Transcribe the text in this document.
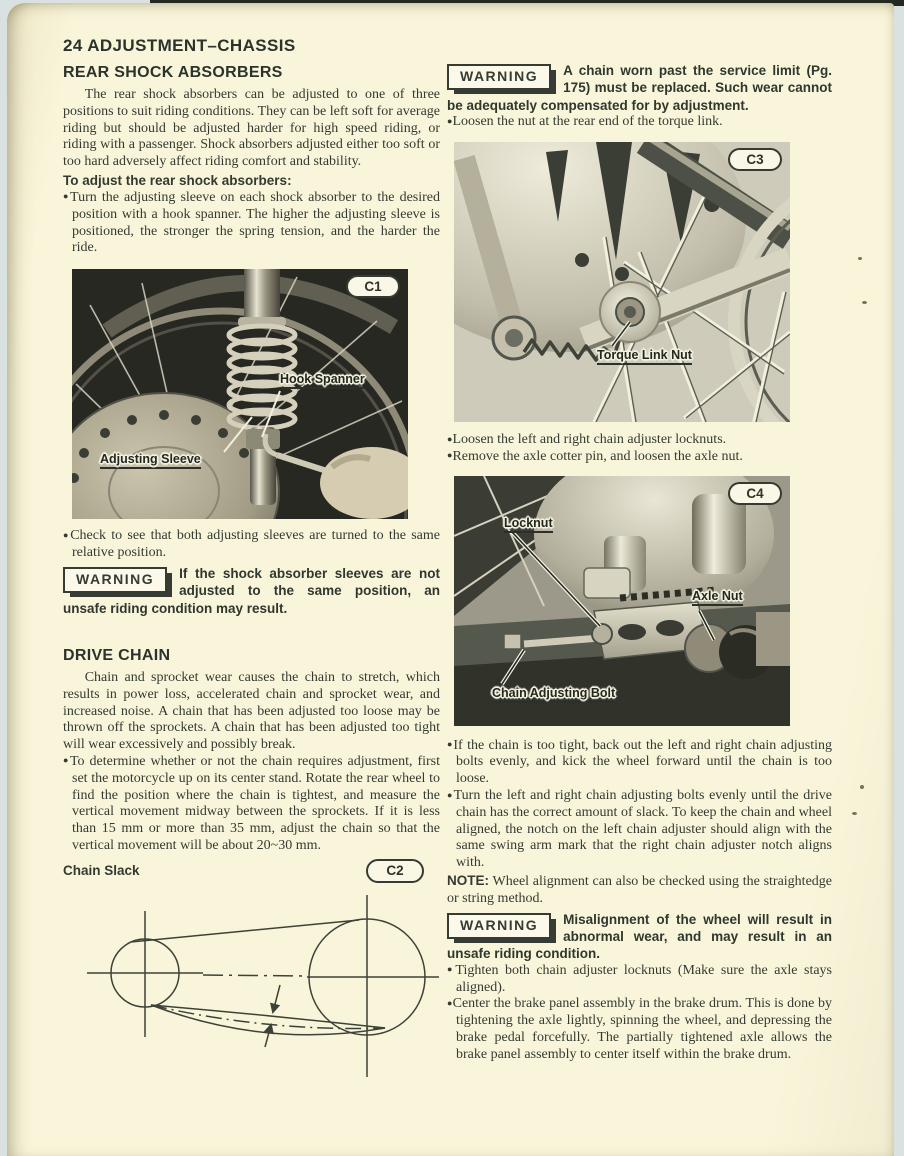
24 ADJUSTMENT–CHASSIS
REAR SHOCK ABSORBERS

The rear shock absorbers can be adjusted to one of three positions to suit riding conditions. They can be left soft for average riding but should be adjusted harder for high speed riding, or riding with a passenger. Shock absorbers adjusted either too soft or too hard adversely affect riding comfort and stability.

To adjust the rear shock absorbers:

● Turn the adjusting sleeve on each shock absorber to the desired position with a hook spanner. The higher the adjusting sleeve is positioned, the stronger the spring tension, and the harder the ride.

C1
Hook Spanner
Adjusting Sleeve

● Check to see that both adjusting sleeves are turned to the same relative position.

WARNING	If the shock absorber sleeves are not adjusted to the same position, an unsafe riding condition may result.
DRIVE CHAIN

Chain and sprocket wear causes the chain to stretch, which results in power loss, accelerated chain and sprocket wear, and increased noise. A chain that has been adjusted too loose may be thrown off the sprockets. A chain that has been adjusted too tight will wear excessively and possibly break.

● To determine whether or not the chain requires adjustment, first set the motorcycle up on its center stand. Rotate the rear wheel to find the position where the chain is tightest, and measure the vertical movement midway between the sprockets. If it is less than 15 mm or more than 35 mm, adjust the chain so that the vertical movement will be about 20~30 mm.

Chain Slack	C2
WARNING	A chain worn past the service limit (Pg. 175) must be replaced. Such wear cannot be adequately compensated for by adjustment.

● Loosen the nut at the rear end of the torque link.

C3
Torque Link Nut

● Loosen the left and right chain adjuster locknuts.

● Remove the axle cotter pin, and loosen the axle nut.

C4
Locknut
Axle Nut
Chain Adjusting Bolt

● If the chain is too tight, back out the left and right chain adjusting bolts evenly, and kick the wheel forward until the chain is too loose.

● Turn the left and right chain adjusting bolts evenly until the drive chain has the correct amount of slack. To keep the chain and wheel aligned, the notch on the left chain adjuster should align with the same swing arm mark that the right chain adjuster notch aligns with.

NOTE: Wheel alignment can also be checked using the straightedge or string method.

WARNING	Misalignment of the wheel will result in abnormal wear, and may result in an unsafe riding condition.

● Tighten both chain adjuster locknuts (Make sure the axle stays aligned).

● Center the brake panel assembly in the brake drum. This is done by tightening the axle lightly, spinning the wheel, and depressing the brake pedal forcefully. The partially tightened axle allows the brake panel assembly to center itself within the brake drum.
